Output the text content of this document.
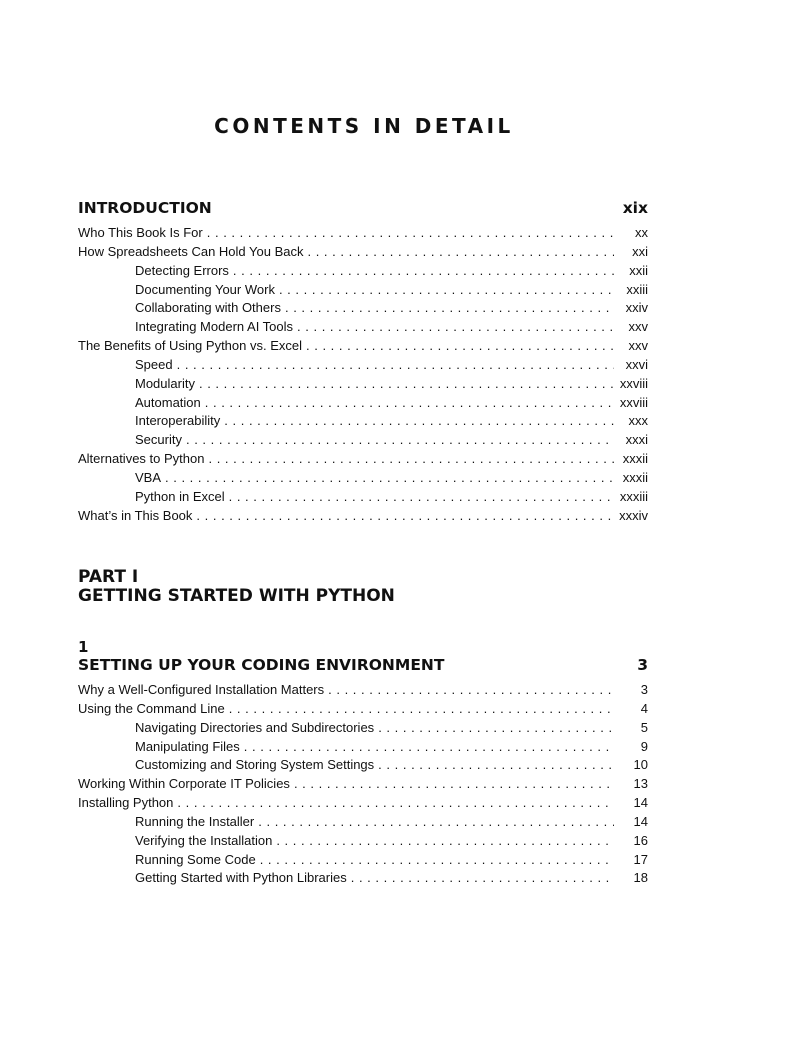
CONTENTS IN DETAIL
INTRODUCTION	xix
Who This Book Is For . . .	xx
How Spreadsheets Can Hold You Back . . .	xxi
Detecting Errors . . .	xxii
Documenting Your Work . . .	xxiii
Collaborating with Others . . .	xxiv
Integrating Modern AI Tools . . .	xxv
The Benefits of Using Python vs. Excel . . .	xxv
Speed . . .	xxvi
Modularity . . .	xxviii
Automation . . .	xxviii
Interoperability . . .	xxx
Security . . .	xxxi
Alternatives to Python . . .	xxxii
VBA . . .	xxxii
Python in Excel . . .	xxxiii
What’s in This Book . . .	xxxiv
PART I
GETTING STARTED WITH PYTHON
1
SETTING UP YOUR CODING ENVIRONMENT	3
Why a Well-Configured Installation Matters . . .	3
Using the Command Line . . .	4
Navigating Directories and Subdirectories . . .	5
Manipulating Files . . .	9
Customizing and Storing System Settings . . .	10
Working Within Corporate IT Policies . . .	13
Installing Python . . .	14
Running the Installer . . .	14
Verifying the Installation . . .	16
Running Some Code . . .	17
Getting Started with Python Libraries . . .	18
